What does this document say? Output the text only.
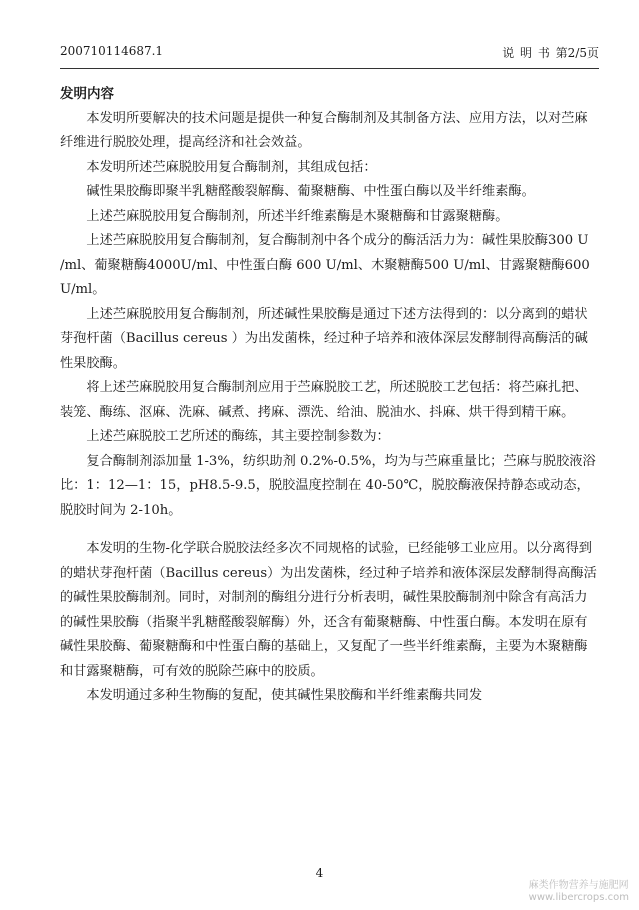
200710114687.1	说 明 书 第2/5页

发明内容

本发明所要解决的技术问题是提供一种复合酶制剂及其制备方法、应用方法，以对苎麻纤维进行脱胶处理，提高经济和社会效益。

本发明所述苎麻脱胶用复合酶制剂，其组成包括：

碱性果胶酶即聚半乳糖醛酸裂解酶、葡聚糖酶、中性蛋白酶以及半纤维素酶。

上述苎麻脱胶用复合酶制剂，所述半纤维素酶是木聚糖酶和甘露聚糖酶。

上述苎麻脱胶用复合酶制剂，复合酶制剂中各个成分的酶活活力为：碱性果胶酶300 U /ml、葡聚糖酶4000U/ml、中性蛋白酶 600 U/ml、木聚糖酶500 U/ml、甘露聚糖酶600 U/ml。

上述苎麻脱胶用复合酶制剂，所述碱性果胶酶是通过下述方法得到的：以分离到的蜡状芽孢杆菌（Bacillus cereus ）为出发菌株，经过种子培养和液体深层发酵制得高酶活的碱性果胶酶。

将上述苎麻脱胶用复合酶制剂应用于苎麻脱胶工艺，所述脱胶工艺包括：将苎麻扎把、装笼、酶练、沤麻、洗麻、碱煮、拷麻、漂洗、给油、脱油水、抖麻、烘干得到精干麻。

上述苎麻脱胶工艺所述的酶练，其主要控制参数为：

复合酶制剂添加量 1-3%，纺织助剂 0.2%-0.5%，均为与苎麻重量比；苎麻与脱胶液浴比：1：12—1：15，pH8.5-9.5，脱胶温度控制在 40-50℃，脱胶酶液保持静态或动态，脱胶时间为 2-10h。

本发明的生物-化学联合脱胶法经多次不同规格的试验，已经能够工业应用。以分离得到的蜡状芽孢杆菌（Bacillus cereus）为出发菌株，经过种子培养和液体深层发酵制得高酶活的碱性果胶酶制剂。同时，对制剂的酶组分进行分析表明，碱性果胶酶制剂中除含有高活力的碱性果胶酶（指聚半乳糖醛酸裂解酶）外，还含有葡聚糖酶、中性蛋白酶。本发明在原有碱性果胶酶、葡聚糖酶和中性蛋白酶的基础上，又复配了一些半纤维素酶，主要为木聚糖酶和甘露聚糖酶，可有效的脱除苎麻中的胶质。

本发明通过多种生物酶的复配，使其碱性果胶酶和半纤维素酶共同发

4
麻类作物营养与施肥网
www.libercrops.com
